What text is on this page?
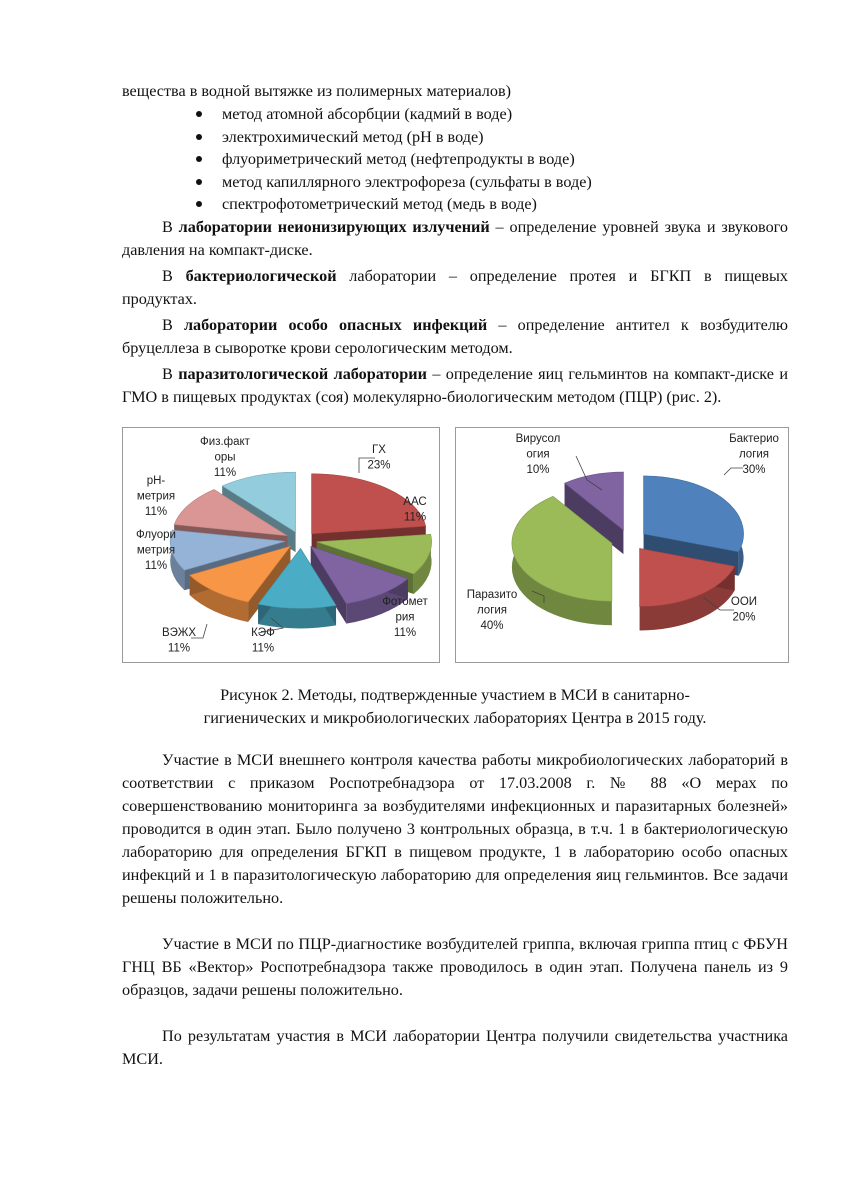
вещества в водной вытяжке из полимерных материалов)

метод атомной абсорбции (кадмий в воде)
электрохимический метод (рН в воде)
флуориметрический метод (нефтепродукты в воде)
метод капиллярного электрофореза (сульфаты в воде)
спектрофотометрический метод (медь в воде)

В лаборатории неионизирующих излучений – определение уровней звука и звукового давления на компакт-диске.

В бактериологической лаборатории – определение протея и БГКП в пищевых продуктах.

В лаборатории особо опасных инфекций – определение антител к возбудителю бруцеллеза в сыворотке крови серологическим методом.

В паразитологической лаборатории – определение яиц гельминтов на компакт-диске и ГМО в пищевых продуктах (соя) молекулярно-биологическим методом (ПЦР) (рис. 2).

ГХ 23%
ААС 11%
Фотомет рия 11%
КЭФ 11%
ВЭЖХ 11%
Флуори метрия 11%
рН-метрия 11%
Физ.факт оры 11%
Бактерио логия 30%
ООИ 20%
Паразито логия 40%
Вирусол огия 10%

Рисунок 2. Методы, подтвержденные участием в МСИ в санитарно-

гигиенических и микробиологических лабораториях Центра в 2015 году.

Участие в МСИ внешнего контроля качества работы микробиологических лабораторий в соответствии с приказом Роспотребнадзора от 17.03.2008 г. № 88 «О мерах по совершенствованию мониторинга за возбудителями инфекционных и паразитарных болезней» проводится в один этап. Было получено 3 контрольных образца, в т.ч. 1 в бактериологическую лабораторию для определения БГКП в пищевом продукте, 1 в лабораторию особо опасных инфекций и 1 в паразитологическую лабораторию для определения яиц гельминтов. Все задачи решены положительно.

Участие в МСИ по ПЦР-диагностике возбудителей гриппа, включая гриппа птиц с ФБУН ГНЦ ВБ «Вектор» Роспотребнадзора также проводилось в один этап. Получена панель из 9 образцов, задачи решены положительно.

По результатам участия в МСИ лаборатории Центра получили свидетельства участника МСИ.
